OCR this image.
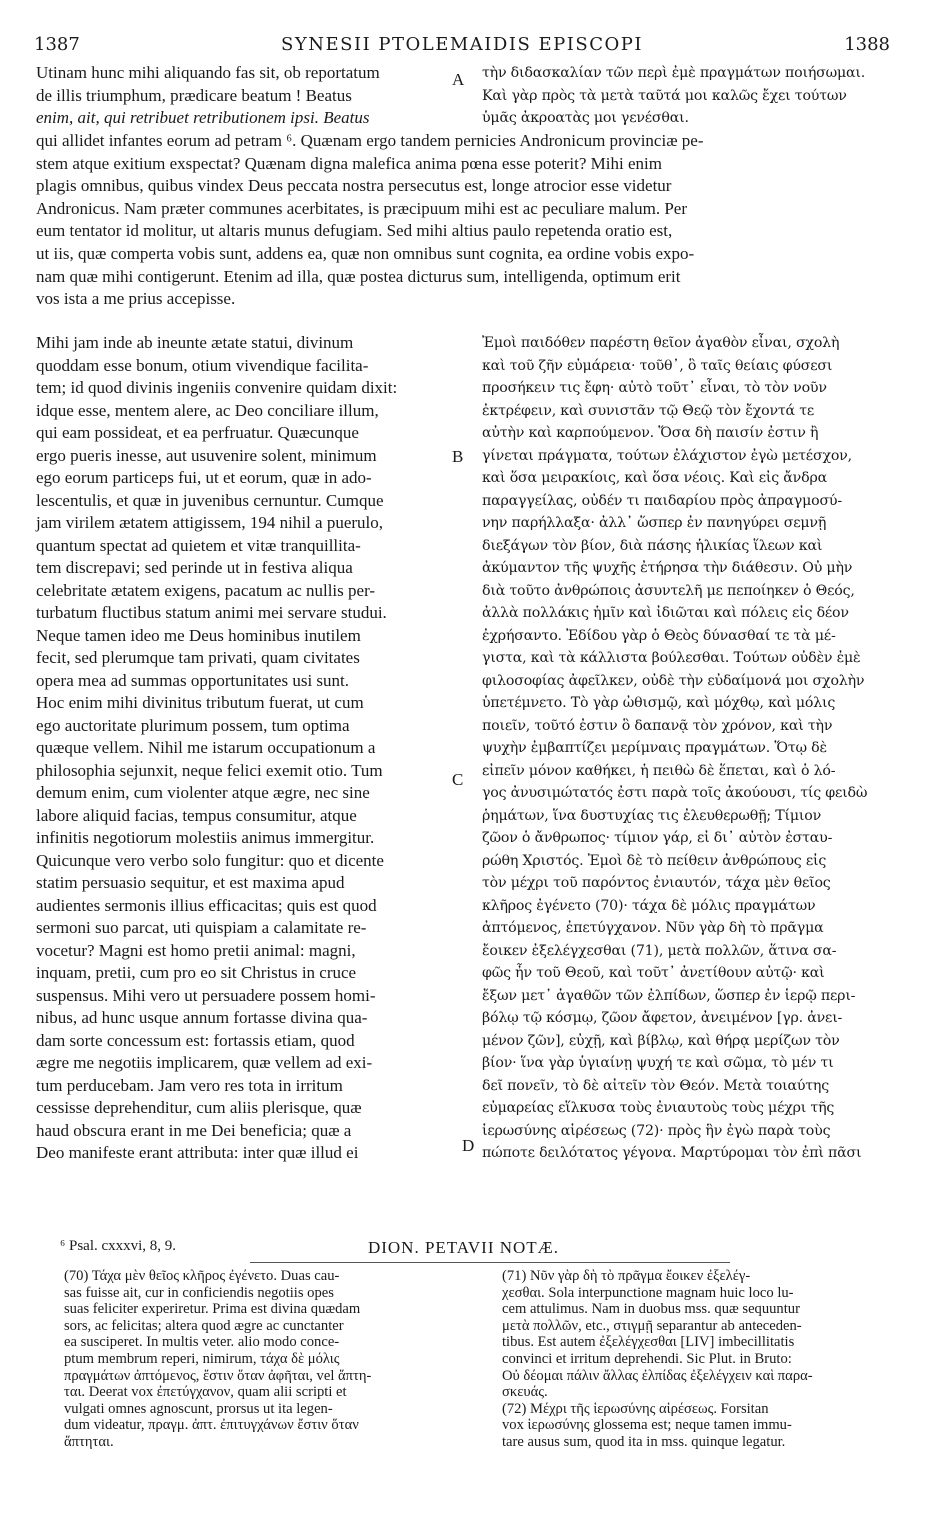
1387	SYNESII PTOLEMAIDIS EPISCOPI	1388

Utinam hunc mihi aliquando fas sit, ob reportatum

de illis triumphum, prædicare beatum ! Beatus

enim, ait, qui retribuet retributionem ipsi. Beatus

A τὴν διδασκαλίαν τῶν περὶ ἐμὲ πραγμάτων ποιήσωμαι.

Καὶ γὰρ πρὸς τὰ μετὰ ταῦτά μοι καλῶς ἔχει τούτων

ὑμᾶς ἀκροατὰς μοι γενέσθαι.

qui allidet infantes eorum ad petram ⁶. Quænam ergo tandem pernicies Andronicum provinciæ pe-

stem atque exitium exspectat? Quænam digna malefica anima pœna esse poterit? Mihi enim

plagis omnibus, quibus vindex Deus peccata nostra persecutus est, longe atrocior esse videtur

Andronicus. Nam præter communes acerbitates, is præcipuum mihi est ac peculiare malum. Per

eum tentator id molitur, ut altaris munus defugiam. Sed mihi altius paulo repetenda oratio est,

ut iis, quæ comperta vobis sunt, addens ea, quæ non omnibus sunt cognita, ea ordine vobis expo-

nam quæ mihi contigerunt. Etenim ad illa, quæ postea dicturus sum, intelligenda, optimum erit

vos ista a me prius accepisse.

Mihi jam inde ab ineunte ætate statui, divinum

quoddam esse bonum, otium vivendique facilita-

tem; id quod divinis ingeniis convenire quidam dixit:

idque esse, mentem alere, ac Deo conciliare illum,

qui eam possideat, et ea perfruatur. Quæcunque

ergo pueris inesse, aut usuvenire solent, minimum

ego eorum particeps fui, ut et eorum, quæ in ado-

lescentulis, et quæ in juvenibus cernuntur. Cumque

jam virilem ætatem attigissem, 194 nihil a puerulo,

quantum spectat ad quietem et vitæ tranquillita-

tem discrepavi; sed perinde ut in festiva aliqua

celebritate ætatem exigens, pacatum ac nullis per-

turbatum fluctibus statum animi mei servare studui.

Neque tamen ideo me Deus hominibus inutilem

fecit, sed plerumque tam privati, quam civitates

opera mea ad summas opportunitates usi sunt.

Hoc enim mihi divinitus tributum fuerat, ut cum

ego auctoritate plurimum possem, tum optima

quæque vellem. Nihil me istarum occupationum a

philosophia sejunxit, neque felici exemit otio. Tum

demum enim, cum violenter atque ægre, nec sine

labore aliquid facias, tempus consumitur, atque

infinitis negotiorum molestiis animus immergitur.

Quicunque vero verbo solo fungitur: quo et dicente

statim persuasio sequitur, et est maxima apud

audientes sermonis illius efficacitas; quis est quod

sermoni suo parcat, uti quispiam a calamitate re-

vocetur? Magni est homo pretii animal: magni,

inquam, pretii, cum pro eo sit Christus in cruce

suspensus. Mihi vero ut persuadere possem homi-

nibus, ad hunc usque annum fortasse divina qua-

dam sorte concessum est: fortassis etiam, quod

ægre me negotiis implicarem, quæ vellem ad exi-

tum perducebam. Jam vero res tota in irritum

cessisse deprehenditur, cum aliis plerisque, quæ

haud obscura erant in me Dei beneficia; quæ a

Deo manifeste erant attributa: inter quæ illud ei

B
C
D

Ἐμοὶ παιδόθεν παρέστη θεῖον ἀγαθὸν εἶναι, σχολὴ

καὶ τοῦ ζῆν εὐμάρεια· τοῦθ᾽, ὃ ταῖς θείαις φύσεσι

προσήκειν τις ἔφη· αὐτὸ τοῦτ᾽ εἶναι, τὸ τὸν νοῦν

ἐκτρέφειν, καὶ συνιστᾶν τῷ Θεῷ τὸν ἔχοντά τε

αὐτὴν καὶ καρπούμενον. Ὅσα δὴ παισίν ἐστιν ἢ

γίνεται πράγματα, τούτων ἐλάχιστον ἐγὼ μετέσχον,

καὶ ὅσα μειρακίοις, καὶ ὅσα νέοις. Καὶ εἰς ἄνδρα

παραγγείλας, οὐδέν τι παιδαρίου πρὸς ἀπραγμοσύ-

νην παρήλλαξα· ἀλλ᾽ ὥσπερ ἐν πανηγύρει σεμνῇ

διεξάγων τὸν βίον, διὰ πάσης ἡλικίας ἵλεων καὶ

ἀκύμαντον τῆς ψυχῆς ἐτήρησα τὴν διάθεσιν. Οὐ μὴν

διὰ τοῦτο ἀνθρώποις ἀσυντελῆ με πεποίηκεν ὁ Θεός,

ἀλλὰ πολλάκις ἡμῖν καὶ ἰδιῶται καὶ πόλεις εἰς δέον

ἐχρήσαντο. Ἐδίδου γὰρ ὁ Θεὸς δύνασθαί τε τὰ μέ-

γιστα, καὶ τὰ κάλλιστα βούλεσθαι. Τούτων οὐδὲν ἐμὲ

φιλοσοφίας ἀφεῖλκεν, οὐδὲ τὴν εὐδαίμονά μοι σχολὴν

ὑπετέμνετο. Τὸ γὰρ ὠθισμῷ, καὶ μόχθῳ, καὶ μόλις

ποιεῖν, τοῦτό ἐστιν ὃ δαπανᾷ τὸν χρόνον, καὶ τὴν

ψυχὴν ἐμβαπτίζει μερίμναις πραγμάτων. Ὅτῳ δὲ

εἰπεῖν μόνον καθήκει, ἡ πειθὼ δὲ ἕπεται, καὶ ὁ λό-

γος ἀνυσιμώτατός ἐστι παρὰ τοῖς ἀκούουσι, τίς φειδὼ

ῥημάτων, ἵνα δυστυχίας τις ἐλευθερωθῇ; Τίμιον

ζῶον ὁ ἄνθρωπος· τίμιον γάρ, εἰ δι᾽ αὐτὸν ἐσταυ-

ρώθη Χριστός. Ἐμοὶ δὲ τὸ πείθειν ἀνθρώπους εἰς

τὸν μέχρι τοῦ παρόντος ἐνιαυτόν, τάχα μὲν θεῖος

κλῆρος ἐγένετο (70)· τάχα δὲ μόλις πραγμάτων

ἀπτόμενος, ἐπετύγχανον. Νῦν γὰρ δὴ τὸ πρᾶγμα

ἔοικεν ἐξελέγχεσθαι (71), μετὰ πολλῶν, ἅτινα σα-

φῶς ἦν τοῦ Θεοῦ, καὶ τοῦτ᾽ ἀνετίθουν αὐτῷ· καὶ

ἔξων μετ᾽ ἀγαθῶν τῶν ἐλπίδων, ὥσπερ ἐν ἱερῷ περι-

βόλῳ τῷ κόσμῳ, ζῶον ἄφετον, ἀνειμένον [γρ. ἀνει-

μένον ζῶν], εὐχῇ, καὶ βίβλῳ, καὶ θήρᾳ μερίζων τὸν

βίον· ἵνα γὰρ ὑγιαίνῃ ψυχή τε καὶ σῶμα, τὸ μέν τι

δεῖ πονεῖν, τὸ δὲ αἰτεῖν τὸν Θεόν. Μετὰ τοιαύτης

εὐμαρείας εἵλκυσα τοὺς ἐνιαυτοὺς τοὺς μέχρι τῆς

ἱερωσύνης αἱρέσεως (72)· πρὸς ἣν ἐγὼ παρὰ τοὺς

πώποτε δειλότατος γέγονα. Μαρτύρομαι τὸν ἐπὶ πᾶσι

⁶ Psal. cxxxvi, 8, 9.	DION. PETAVII NOTÆ.

(70) Τάχα μὲν θεῖος κλῆρος ἐγένετο. Duas cau-

sas fuisse ait, cur in conficiendis negotiis opes

suas feliciter experiretur. Prima est divina quædam

sors, ac felicitas; altera quod ægre ac cunctanter

ea susciperet. In multis veter. alio modo conce-

ptum membrum reperi, nimirum, τάχα δὲ μόλις

πραγμάτων ἀπτόμενος, ἔστιν ὅταν ἀφῆται, vel ἅπτη-

ται. Deerat vox ἐπετύγχανον, quam alii scripti et

vulgati omnes agnoscunt, prorsus ut ita legen-

dum videatur, πραγμ. ἀπτ. ἐπιτυγχάνων ἔστιν ὅταν

ἅπτηται.

(71) Νῦν γὰρ δὴ τὸ πρᾶγμα ἔοικεν ἐξελέγ-

χεσθαι. Sola interpunctione magnam huic loco lu-

cem attulimus. Nam in duobus mss. quæ sequuntur

μετὰ πολλῶν, etc., στιγμῇ separantur ab anteceden-

tibus. Est autem ἐξελέγχεσθαι [LIV] imbecillitatis

convinci et irritum deprehendi. Sic Plut. in Bruto:

Οὐ δέομαι πάλιν ἄλλας ἐλπίδας ἐξελέγχειν καὶ παρα-

σκευάς.

(72) Μέχρι τῆς ἱερωσύνης αἱρέσεως. Forsitan

vox ἱερωσύνης glossema est; neque tamen immu-

tare ausus sum, quod ita in mss. quinque legatur.
